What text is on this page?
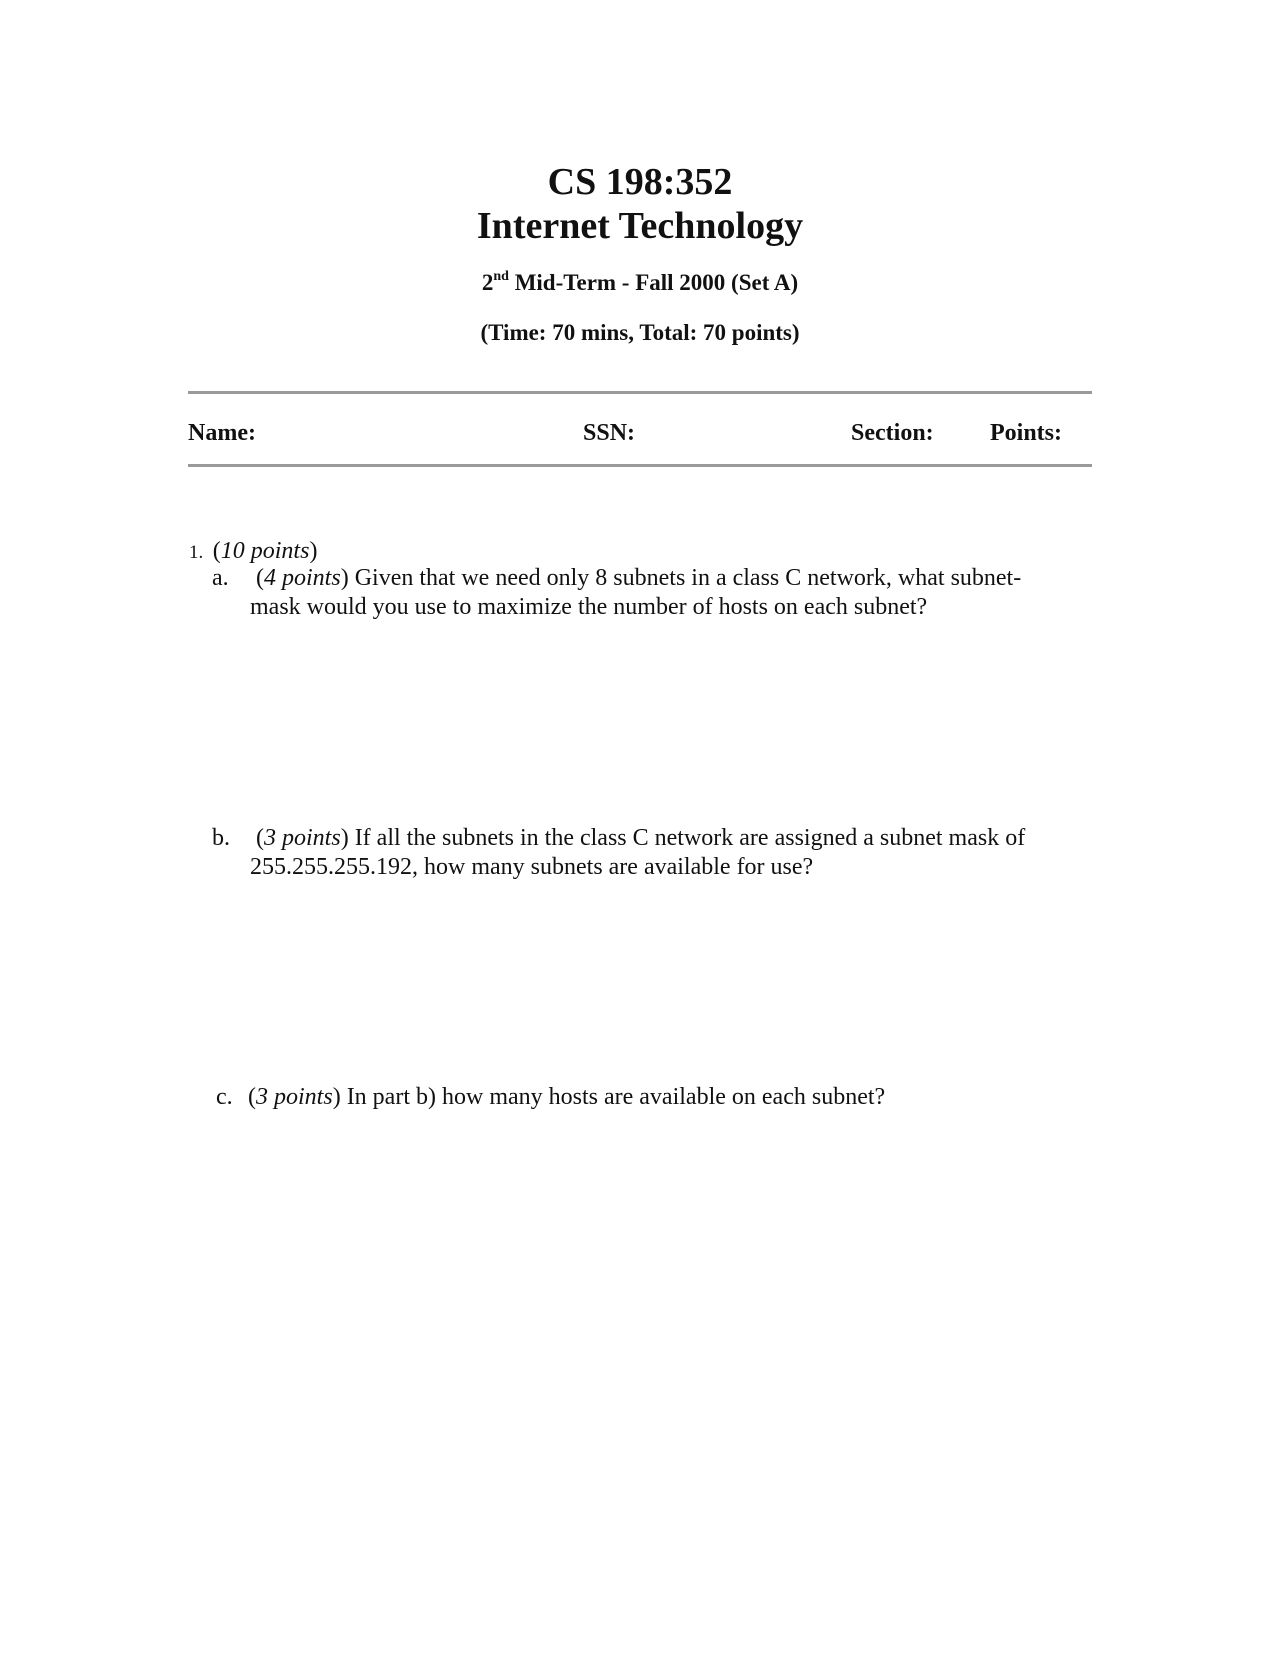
CS 198:352
Internet Technology
2nd Mid-Term - Fall 2000 (Set A)
(Time: 70 mins, Total: 70 points)
Name:	SSN:	Section: Points:
1. (10 points)
a. (4 points) Given that we need only 8 subnets in a class C network, what subnet-
mask would you use to maximize the number of hosts on each subnet?
b. (3 points) If all the subnets in the class C network are assigned a subnet mask of
255.255.255.192, how many subnets are available for use?
c. (3 points) In part b) how many hosts are available on each subnet?
